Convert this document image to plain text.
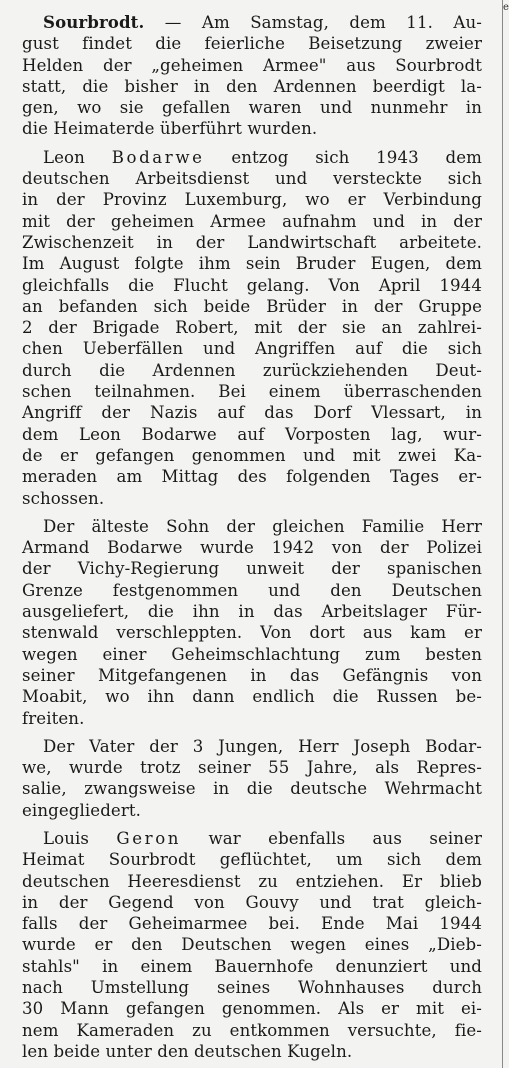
e
Sourbrodt. — Am Samstag, dem 11. Au-
gust findet die feierliche Beisetzung zweier
Helden der „geheimen Armee" aus Sourbrodt
statt, die bisher in den Ardennen beerdigt la-
gen, wo sie gefallen waren und nunmehr in
die Heimaterde überführt wurden.
Leon Bodarwe entzog sich 1943 dem
deutschen Arbeitsdienst und versteckte sich
in der Provinz Luxemburg, wo er Verbindung
mit der geheimen Armee aufnahm und in der
Zwischenzeit in der Landwirtschaft arbeitete.
Im August folgte ihm sein Bruder Eugen, dem
gleichfalls die Flucht gelang. Von April 1944
an befanden sich beide Brüder in der Gruppe
2 der Brigade Robert, mit der sie an zahlrei-
chen Ueberfällen und Angriffen auf die sich
durch die Ardennen zurückziehenden Deut-
schen teilnahmen. Bei einem überraschenden
Angriff der Nazis auf das Dorf Vlessart, in
dem Leon Bodarwe auf Vorposten lag, wur-
de er gefangen genommen und mit zwei Ka-
meraden am Mittag des folgenden Tages er-
schossen.
Der älteste Sohn der gleichen Familie Herr
Armand Bodarwe wurde 1942 von der Polizei
der Vichy-Regierung unweit der spanischen
Grenze festgenommen und den Deutschen
ausgeliefert, die ihn in das Arbeitslager Für-
stenwald verschleppten. Von dort aus kam er
wegen einer Geheimschlachtung zum besten
seiner Mitgefangenen in das Gefängnis von
Moabit, wo ihn dann endlich die Russen be-
freiten.
Der Vater der 3 Jungen, Herr Joseph Bodar-
we, wurde trotz seiner 55 Jahre, als Repres-
salie, zwangsweise in die deutsche Wehrmacht
eingegliedert.
Louis Geron war ebenfalls aus seiner
Heimat Sourbrodt geflüchtet, um sich dem
deutschen Heeresdienst zu entziehen. Er blieb
in der Gegend von Gouvy und trat gleich-
falls der Geheimarmee bei. Ende Mai 1944
wurde er den Deutschen wegen eines „Dieb-
stahls" in einem Bauernhofe denunziert und
nach Umstellung seines Wohnhauses durch
30 Mann gefangen genommen. Als er mit ei-
nem Kameraden zu entkommen versuchte, fie-
len beide unter den deutschen Kugeln.
